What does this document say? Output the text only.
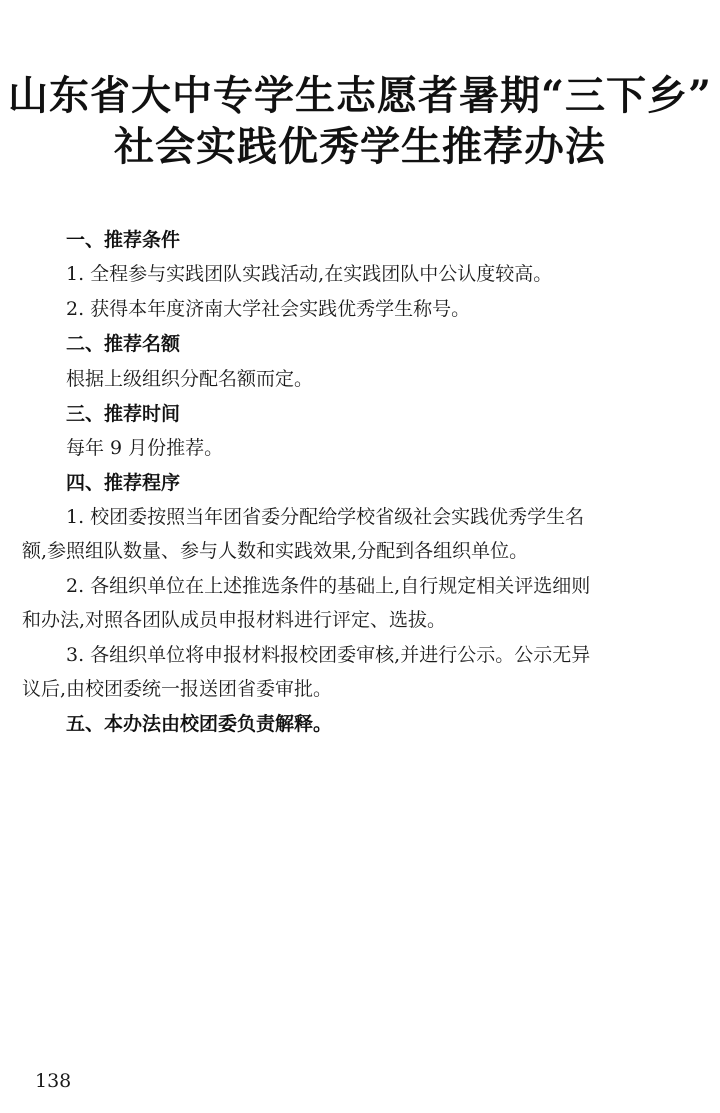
山东省大中专学生志愿者暑期“三下乡”
社会实践优秀学生推荐办法
一、推荐条件
1. 全程参与实践团队实践活动,在实践团队中公认度较高。
2. 获得本年度济南大学社会实践优秀学生称号。
二、推荐名额
根据上级组织分配名额而定。
三、推荐时间
每年 9 月份推荐。
四、推荐程序
1. 校团委按照当年团省委分配给学校省级社会实践优秀学生名
额,参照组队数量、参与人数和实践效果,分配到各组织单位。
2. 各组织单位在上述推选条件的基础上,自行规定相关评选细则
和办法,对照各团队成员申报材料进行评定、选拔。
3. 各组织单位将申报材料报校团委审核,并进行公示。公示无异
议后,由校团委统一报送团省委审批。
五、本办法由校团委负责解释。
138
